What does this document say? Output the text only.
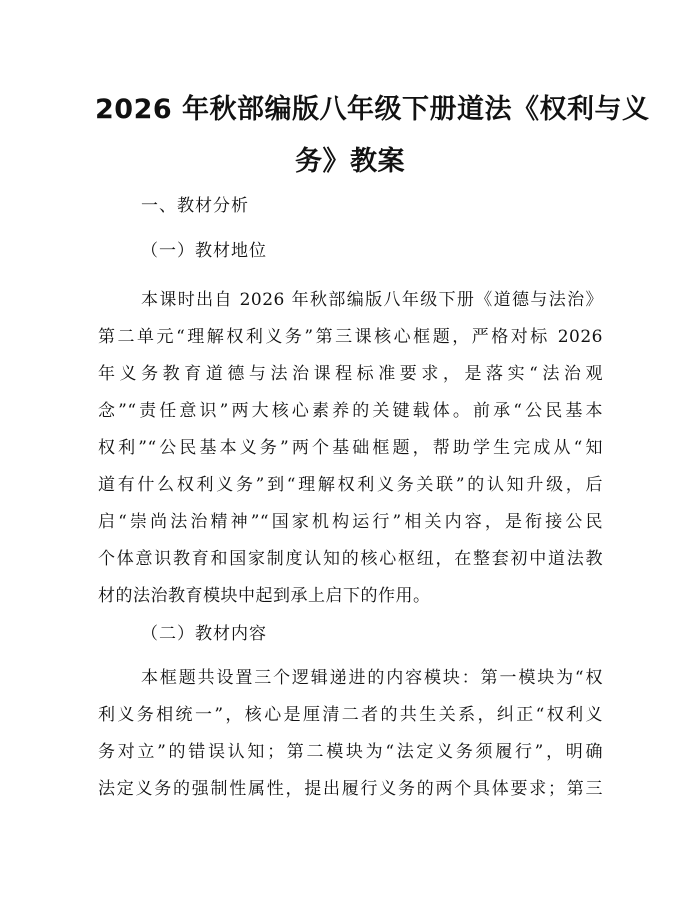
2026 年秋部编版八年级下册道法《权利与义
务》教案
一、教材分析
（一）教材地位
本课时出自 2026 年秋部编版八年级下册《道德与法治》
第二单元“理解权利义务”第三课核心框题，严格对标 2026
年义务教育道德与法治课程标准要求，是落实“法治观
念”“责任意识”两大核心素养的关键载体。前承“公民基本
权利”“公民基本义务”两个基础框题，帮助学生完成从“知
道有什么权利义务”到“理解权利义务关联”的认知升级，后
启“崇尚法治精神”“国家机构运行”相关内容，是衔接公民
个体意识教育和国家制度认知的核心枢纽，在整套初中道法教
材的法治教育模块中起到承上启下的作用。
（二）教材内容
本框题共设置三个逻辑递进的内容模块：第一模块为“权
利义务相统一”，核心是厘清二者的共生关系，纠正“权利义
务对立”的错误认知；第二模块为“法定义务须履行”，明确
法定义务的强制性属性，提出履行义务的两个具体要求；第三
